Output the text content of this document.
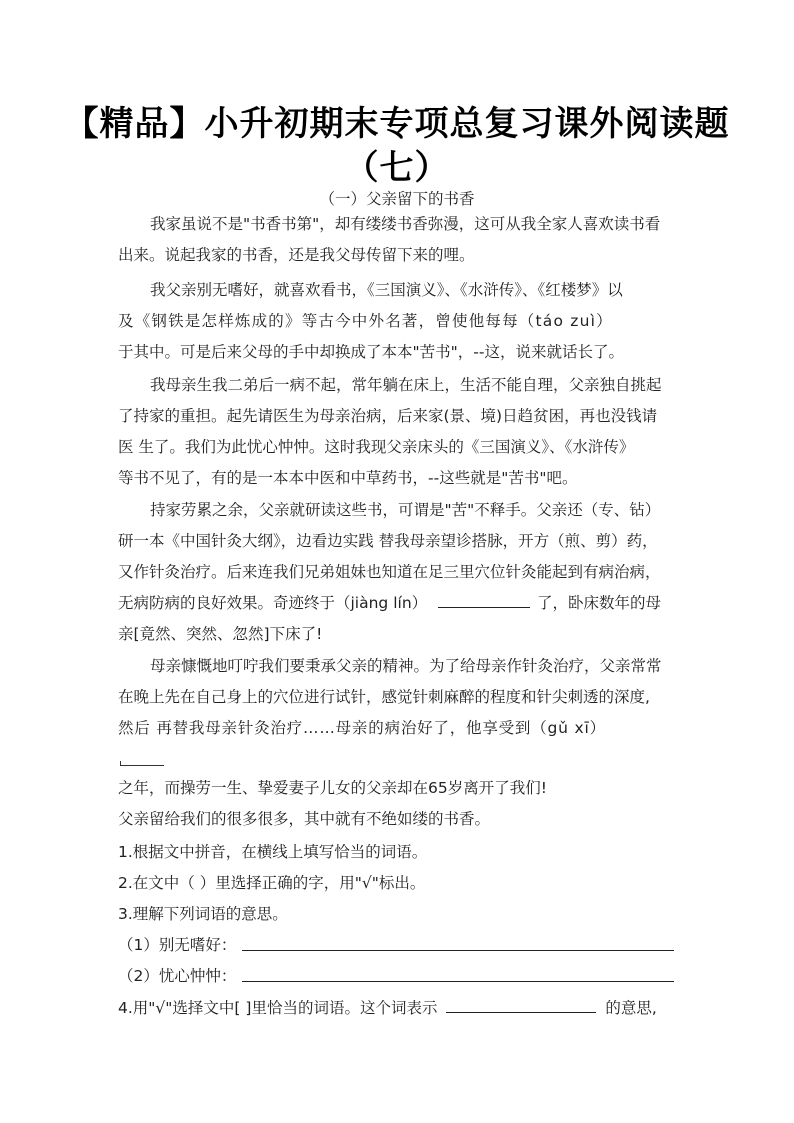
【精品】小升初期末专项总复习课外阅读题
（七）
（一）父亲留下的书香
我家虽说不是"书香书第"，却有缕缕书香弥漫，这可从我全家人喜欢读书看
出来。说起我家的书香，还是我父母传留下来的哩。
我父亲别无嗜好，就喜欢看书，《三国演义》、《水浒传》、《红楼梦》以
及《钢铁是怎样炼成的》等古今中外名著，曾使他每每（táo zuì）
于其中。可是后来父母的手中却换成了本本"苦书"，--这，说来就话长了。
我母亲生我二弟后一病不起，常年躺在床上，生活不能自理，父亲独自挑起
了持家的重担。起先请医生为母亲治病，后来家(景、境)日趋贫困，再也没钱请
医 生了。我们为此忧心忡忡。这时我现父亲床头的《三国演义》、《水浒传》
等书不见了，有的是一本本中医和中草药书，--这些就是"苦书"吧。
持家劳累之余，父亲就研读这些书，可谓是"苦"不释手。父亲还（专、钻）
研一本《中国针灸大纲》，边看边实践 替我母亲望诊搭脉，开方（煎、剪）药，
又作针灸治疗。后来连我们兄弟姐妹也知道在足三里穴位针灸能起到有病治病，
无病防病的良好效果。奇迹终于（jiàng lín）	了，卧床数年的母
亲[竟然、突然、忽然]下床了!
母亲慷慨地叮咛我们要秉承父亲的精神。为了给母亲作针灸治疗，父亲常常
在晚上先在自己身上的穴位进行试针，感觉针刺麻醉的程度和针尖刺透的深度,
然后 再替我母亲针灸治疗……母亲的病治好了，他享受到（gǔ xī）
之年，而操劳一生、挚爱妻子儿女的父亲却在65岁离开了我们!
父亲留给我们的很多很多，其中就有不绝如缕的书香。
1.根据文中拼音，在横线上填写恰当的词语。
2.在文中（ ）里选择正确的字，用"√"标出。
3.理解下列词语的意思。
（1）别无嗜好：
（2）忧心忡忡：
4.用"√"选择文中[ ]里恰当的词语。这个词表示	的意思,
